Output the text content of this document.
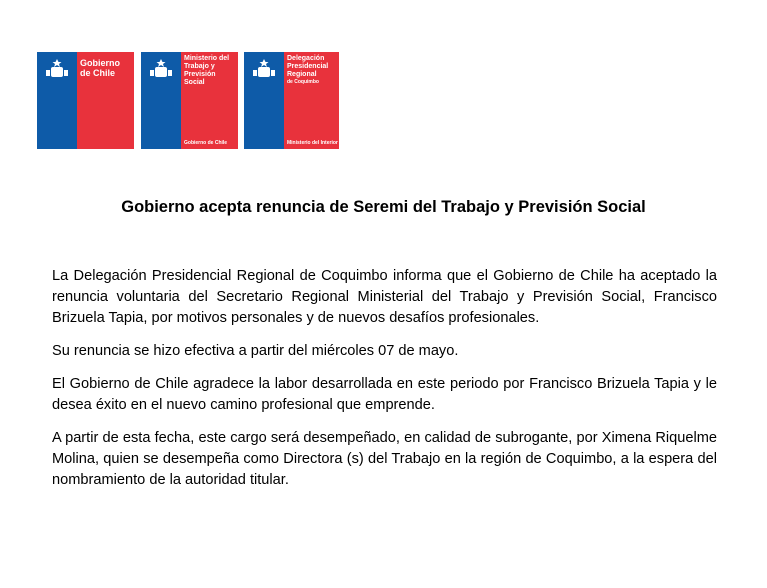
Gobierno
de Chile
Ministerio del
Trabajo y
Previsión
Social
Gobierno de Chile
Delegación
Presidencial
Regional
de Coquimbo
Ministerio del Interior
Gobierno acepta renuncia de Seremi del Trabajo y Previsión Social

La Delegación Presidencial Regional de Coquimbo informa que el Gobierno de Chile ha aceptado la renuncia voluntaria del Secretario Regional Ministerial del Trabajo y Previsión Social, Francisco Brizuela Tapia, por motivos personales y de nuevos desafíos profesionales.

Su renuncia se hizo efectiva a partir del miércoles 07 de mayo.

El Gobierno de Chile agradece la labor desarrollada en este periodo por Francisco Brizuela Tapia y le desea éxito en el nuevo camino profesional que emprende.

A partir de esta fecha, este cargo será desempeñado, en calidad de subrogante, por Ximena Riquelme Molina, quien se desempeña como Directora (s) del Trabajo en la región de Coquimbo, a la espera del nombramiento de la autoridad titular.
